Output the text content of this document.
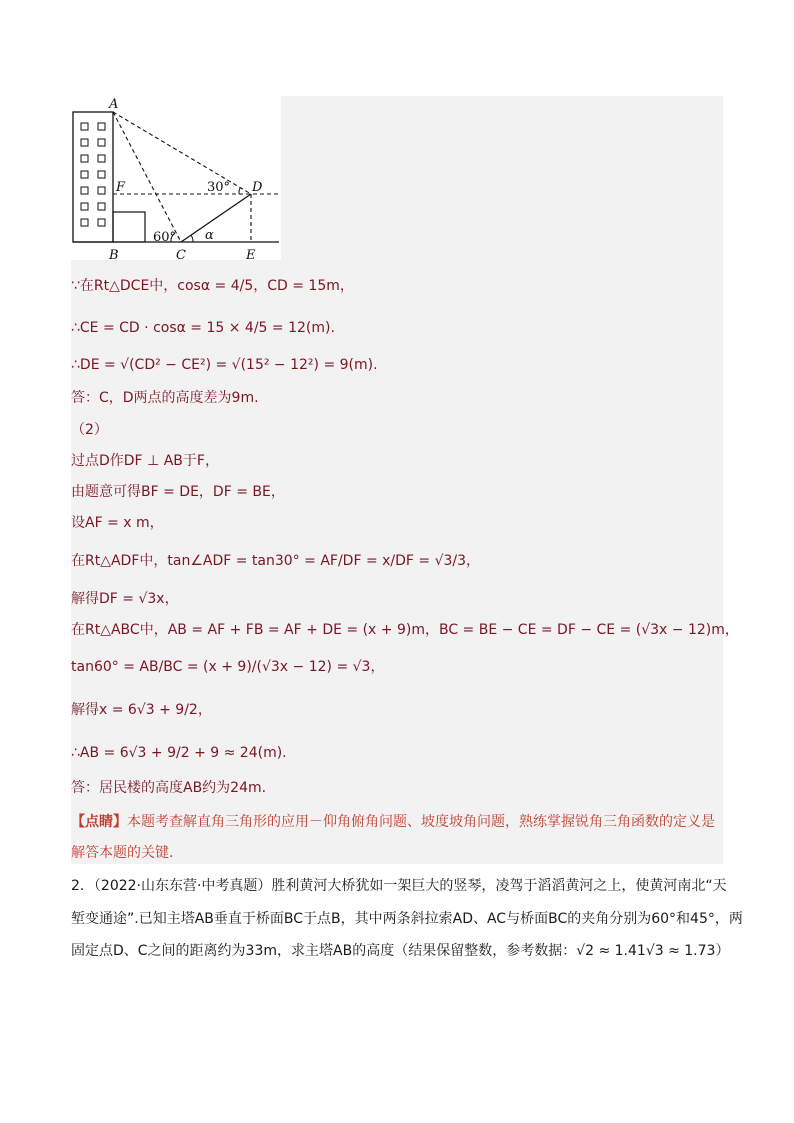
A
B	C
D
E
F
60°
30°
α
∵在Rt△DCE中，cosα = 4/5，CD = 15m，
∴CE = CD · cosα = 15 × 4/5 = 12(m).
∴DE = √(CD² − CE²) = √(15² − 12²) = 9(m).
答：C，D两点的高度差为9m.
（2）
过点D作DF ⊥ AB于F，
由题意可得BF = DE，DF = BE，
设AF = x m，
在Rt△ADF中，tan∠ADF = tan30° = AF/DF = x/DF = √3/3，
解得DF = √3x，
在Rt△ABC中，AB = AF + FB = AF + DE = (x + 9)m，BC = BE − CE = DF − CE = (√3x − 12)m，
tan60° = AB/BC = (x + 9)/(√3x − 12) = √3，
解得x = 6√3 + 9/2，
∴AB = 6√3 + 9/2 + 9 ≈ 24(m).
答：居民楼的高度AB约为24m.
【点睛】本题考查解直角三角形的应用－仰角俯角问题、坡度坡角问题，熟练掌握锐角三角函数的定义是
解答本题的关键.
2．（2022·山东东营·中考真题）胜利黄河大桥犹如一架巨大的竖琴，凌驾于滔滔黄河之上，使黄河南北“天
堑变通途”.已知主塔AB垂直于桥面BC于点B，其中两条斜拉索AD、AC与桥面BC的夹角分别为60°和45°，两
固定点D、C之间的距离约为33m，求主塔AB的高度（结果保留整数，参考数据：√2 ≈ 1.41√3 ≈ 1.73）
